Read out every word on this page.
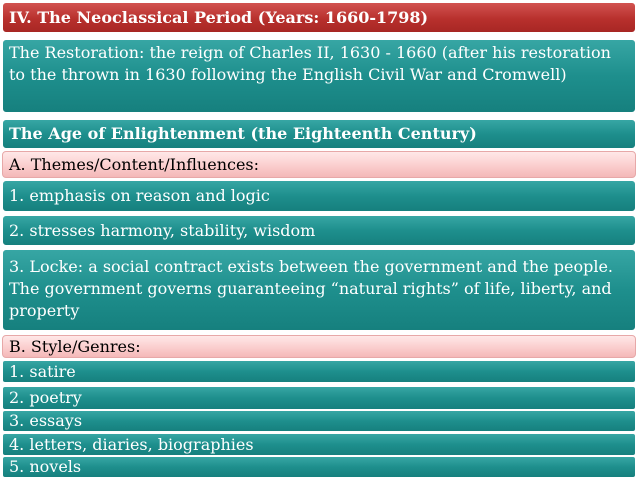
IV. The Neoclassical Period (Years: 1660-1798)
The Restoration: the reign of Charles II, 1630 - 1660 (after his restoration to the thrown in 1630 following the English Civil War and Cromwell)
The Age of Enlightenment (the Eighteenth Century)
A. Themes/Content/Influences:
1. emphasis on reason and logic
2. stresses harmony, stability, wisdom
3. Locke: a social contract exists between the government and the people. The government governs guaranteeing “natural rights” of life, liberty, and property
B. Style/Genres:
1. satire
2. poetry
3. essays
4. letters, diaries, biographies
5. novels
